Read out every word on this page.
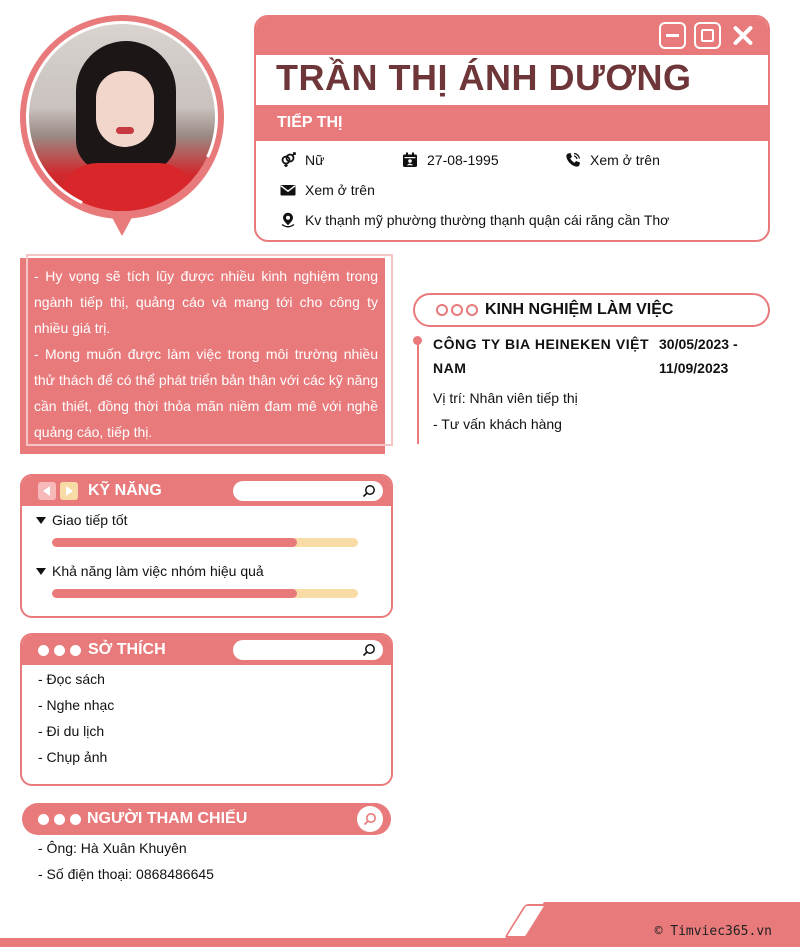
TRẦN THỊ ÁNH DƯƠNG
TIẾP THỊ
Nữ	27-08-1995	Xem ở trên
Xem ở trên
Kv thạnh mỹ phường thường thạnh quận cái răng cần Thơ
- Hy vọng sẽ tích lũy được nhiều kinh nghiệm trong ngành tiếp thị, quảng cáo và mang tới cho công ty nhiều giá trị.
- Mong muốn được làm việc trong môi trường nhiều thử thách để có thể phát triển bản thân với các kỹ năng cần thiết, đồng thời thỏa mãn niềm đam mê với nghề quảng cáo, tiếp thị.
KỸ NĂNG
Giao tiếp tốt
Khả năng làm việc nhóm hiệu quả
SỞ THÍCH
- Đọc sách
- Nghe nhạc
- Đi du lịch
- Chụp ảnh
NGƯỜI THAM CHIẾU
- Ông: Hà Xuân Khuyên
- Số điện thoại: 0868486645
KINH NGHIỆM LÀM VIỆC
CÔNG TY BIA HEINEKEN VIỆT NAM
30/05/2023 - 11/09/2023
Vị trí: Nhân viên tiếp thị
- Tư vấn khách hàng
© Timviec365.vn
